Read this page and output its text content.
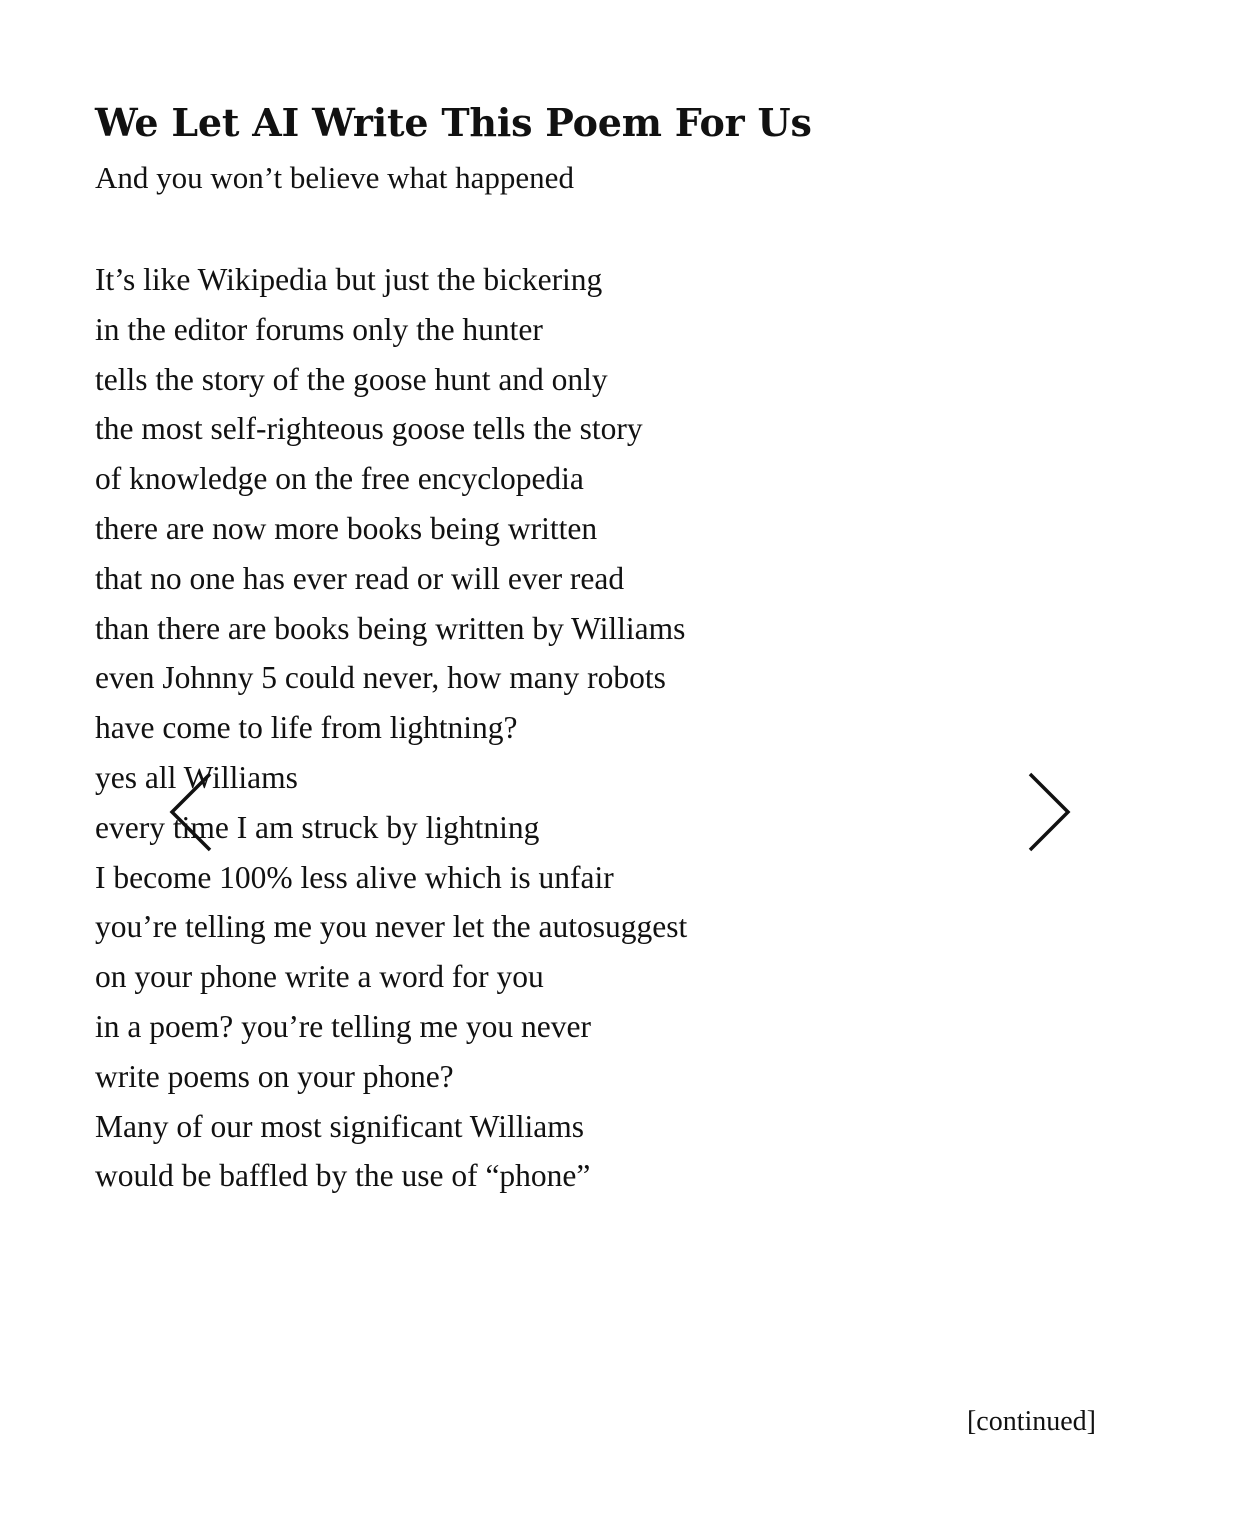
We Let AI Write This Poem For Us

And you won’t believe what happened

It’s like Wikipedia but just the bickering
in the editor forums only the hunter
tells the story of the goose hunt and only
the most self-righteous goose tells the story
of knowledge on the free encyclopedia
there are now more books being written
that no one has ever read or will ever read
than there are books being written by Williams
even Johnny 5 could never, how many robots
have come to life from lightning?
yes all Williams
every time I am struck by lightning
I become 100% less alive which is unfair
you’re telling me you never let the autosuggest
on your phone write a word for you
in a poem? you’re telling me you never
write poems on your phone?
Many of our most significant Williams
would be baffled by the use of “phone”

[continued]
